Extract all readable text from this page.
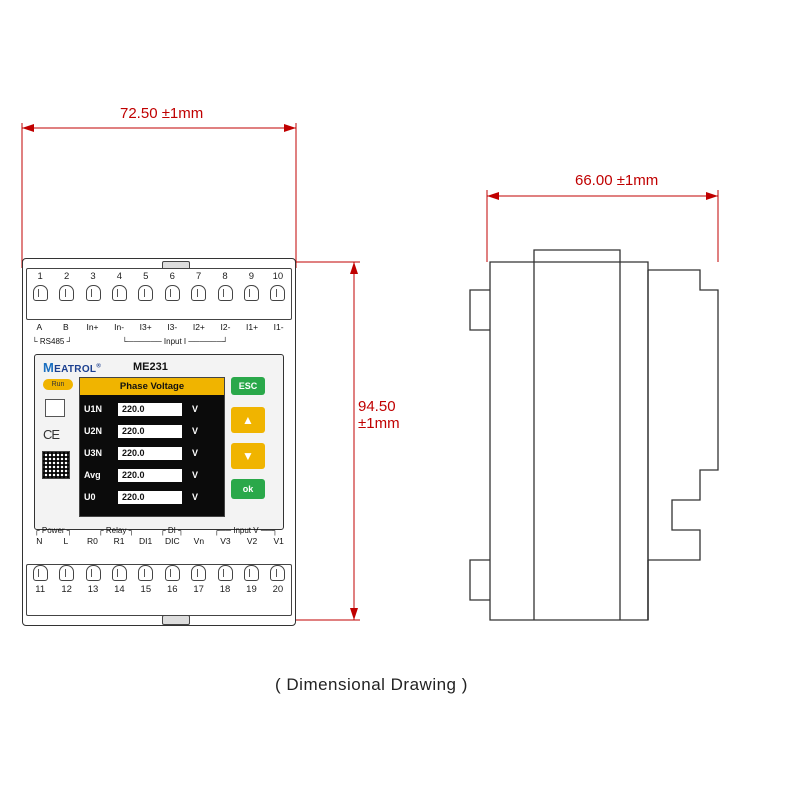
72.50 ±1mm
66.00 ±1mm
94.50 ±1mm
1 2 3 4 5 6 7 8 9 10
A	B	In+	In-	I3+	I3-	I2+	I2-	I1+	I1-
└ RS485 ┘	└────── Input I ──────┘
MEATROL®	ME231
Run
CE
Phase Voltage
U1N	220.0	V
U2N	220.0	V
U3N	220.0	V
Avg	220.0	V
U0	220.0	V
ESC
▲
▼
ok
┌ Power ┐	┌ Relay ┐	┌ DI ┐	┌── Input V ──┐
N	L	R0	R1	DI1	DIC	Vn	V3	V2	V1
11 12 13 14 15 16 17 18 19 20
( Dimensional Drawing )
